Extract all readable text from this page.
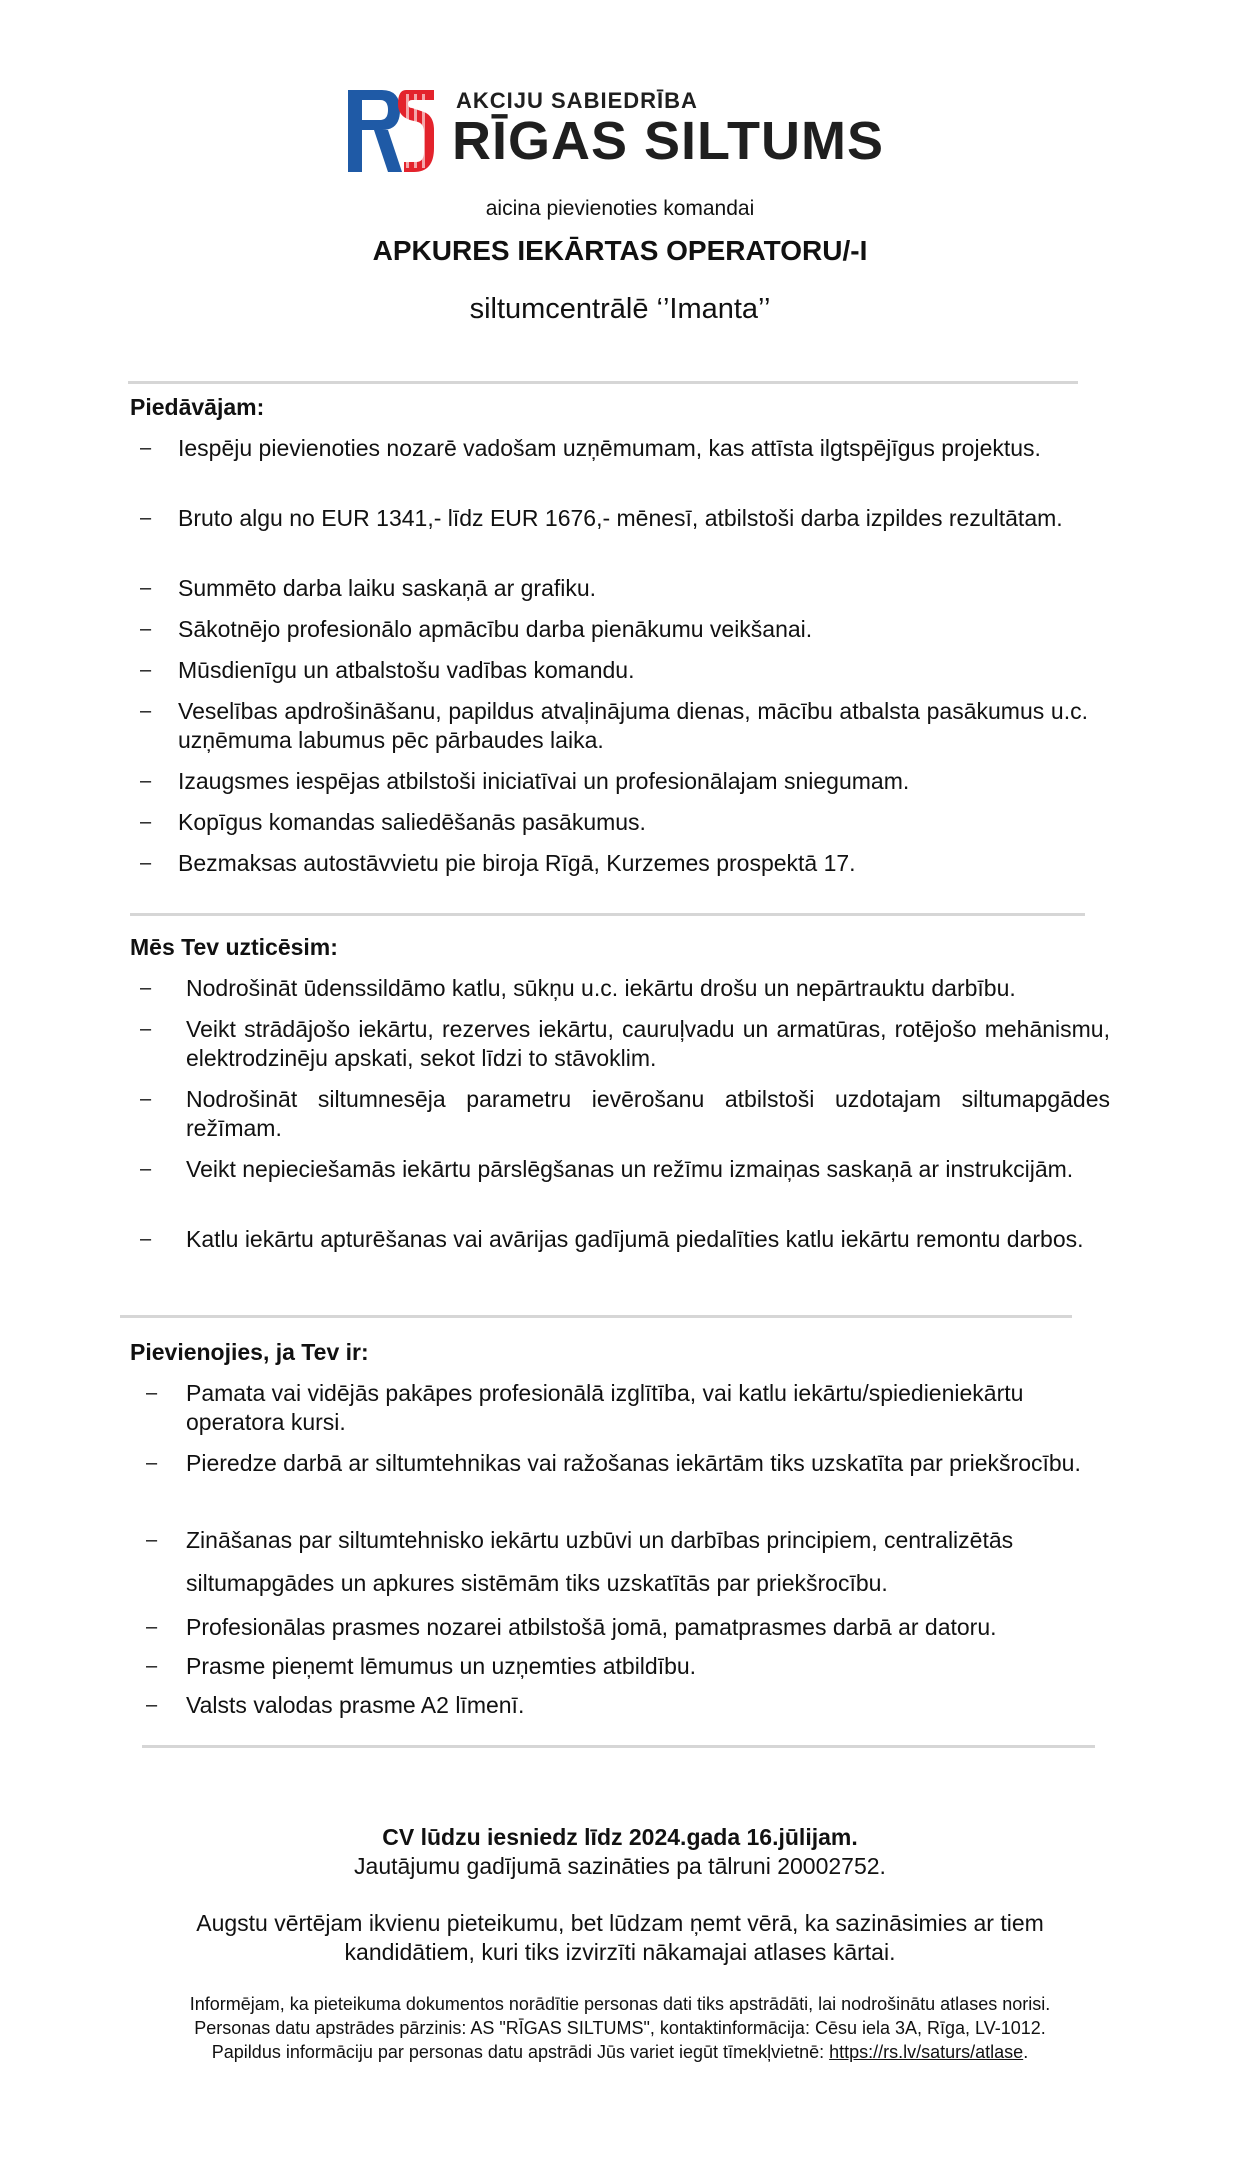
AKCIJU SABIEDRĪBA
RĪGAS SILTUMS
aicina pievienoties komandai
APKURES IEKĀRTAS OPERATORU/-I
siltumcentrālē ‘’Imanta’’
Piedāvājam:
– Iespēju pievienoties nozarē vadošam uzņēmumam, kas attīsta ilgtspējīgus projektus.
– Bruto algu no EUR 1341,- līdz EUR 1676,- mēnesī, atbilstoši darba izpildes rezultātam.
– Summēto darba laiku saskaņā ar grafiku.
– Sākotnējo profesionālo apmācību darba pienākumu veikšanai.
– Mūsdienīgu un atbalstošu vadības komandu.
– Veselības apdrošināšanu, papildus atvaļinājuma dienas, mācību atbalsta pasākumus u.c. uzņēmuma labumus pēc pārbaudes laika.
– Izaugsmes iespējas atbilstoši iniciatīvai un profesionālajam sniegumam.
– Kopīgus komandas saliedēšanās pasākumus.
– Bezmaksas autostāvvietu pie biroja Rīgā, Kurzemes prospektā 17.
Mēs Tev uzticēsim:
– Nodrošināt ūdenssildāmo katlu, sūkņu u.c. iekārtu drošu un nepārtrauktu darbību.
– Veikt strādājošo iekārtu, rezerves iekārtu, cauruļvadu un armatūras, rotējošo mehānismu, elektrodzinēju apskati, sekot līdzi to stāvoklim.
– Nodrošināt siltumnesēja parametru ievērošanu atbilstoši uzdotajam siltumapgādes režīmam.
– Veikt nepieciešamās iekārtu pārslēgšanas un režīmu izmaiņas saskaņā ar instrukcijām.
– Katlu iekārtu apturēšanas vai avārijas gadījumā piedalīties katlu iekārtu remontu darbos.
Pievienojies, ja Tev ir:
– Pamata vai vidējās pakāpes profesionālā izglītība, vai katlu iekārtu/spiedieniekārtu operatora kursi.
– Pieredze darbā ar siltumtehnikas vai ražošanas iekārtām tiks uzskatīta par priekšrocību.
– Zināšanas par siltumtehnisko iekārtu uzbūvi un darbības principiem, centralizētās siltumapgādes un apkures sistēmām tiks uzskatītās par priekšrocību.
– Profesionālas prasmes nozarei atbilstošā jomā, pamatprasmes darbā ar datoru.
– Prasme pieņemt lēmumus un uzņemties atbildību.
– Valsts valodas prasme A2 līmenī.
CV lūdzu iesniedz līdz 2024.gada 16.jūlijam.
Jautājumu gadījumā sazināties pa tālruni 20002752.
Augstu vērtējam ikvienu pieteikumu, bet lūdzam ņemt vērā, ka sazināsimies ar tiem
kandidātiem, kuri tiks izvirzīti nākamajai atlases kārtai.
Informējam, ka pieteikuma dokumentos norādītie personas dati tiks apstrādāti, lai nodrošinātu atlases norisi.
Personas datu apstrādes pārzinis: AS "RĪGAS SILTUMS", kontaktinformācija: Cēsu iela 3A, Rīga, LV-1012.
Papildus informāciju par personas datu apstrādi Jūs variet iegūt tīmekļvietnē: https://rs.lv/saturs/atlase.
